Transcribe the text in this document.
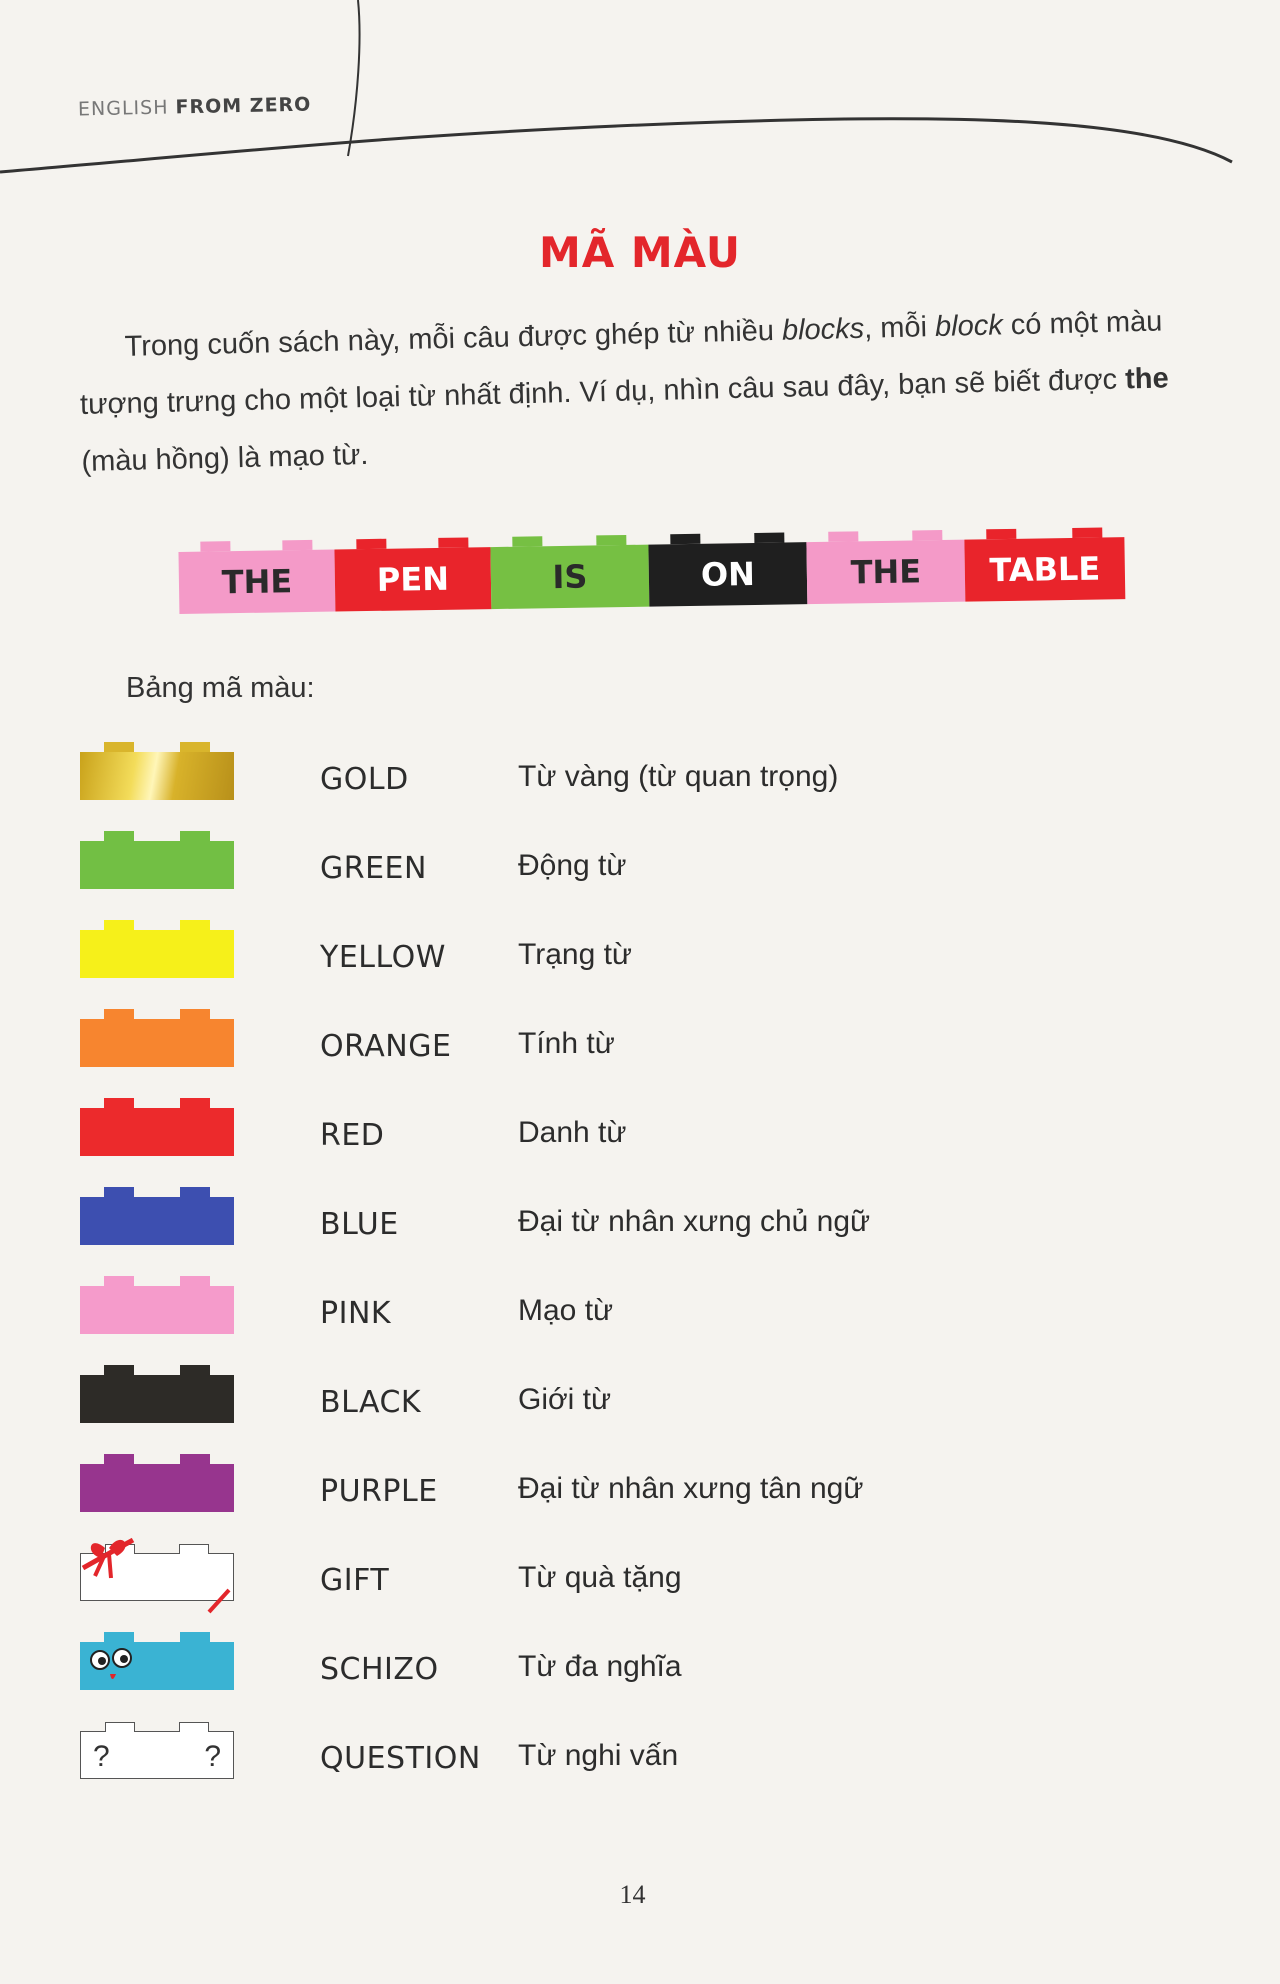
ENGLISH FROM ZERO
MÃ MÀU

Trong cuốn sách này, mỗi câu được ghép từ nhiều blocks, mỗi block có một màu tượng trưng cho một loại từ nhất định. Ví dụ, nhìn câu sau đây, bạn sẽ biết được the (màu hồng) là mạo từ.

THE	PEN	IS	ON	THE TABLE
Bảng mã màu:
GOLD	Từ vàng (từ quan trọng)
GREEN	Động từ
YELLOW Trạng từ
ORANGE Tính từ
RED	Danh từ
BLUE	Đại từ nhân xưng chủ ngữ
PINK	Mạo từ
BLACK	Giới từ
PURPLE	Đại từ nhân xưng tân ngữ
GIFT	Từ quà tặng
SCHIZO	Từ đa nghĩa
?	?	QUESTION Từ nghi vấn
14
